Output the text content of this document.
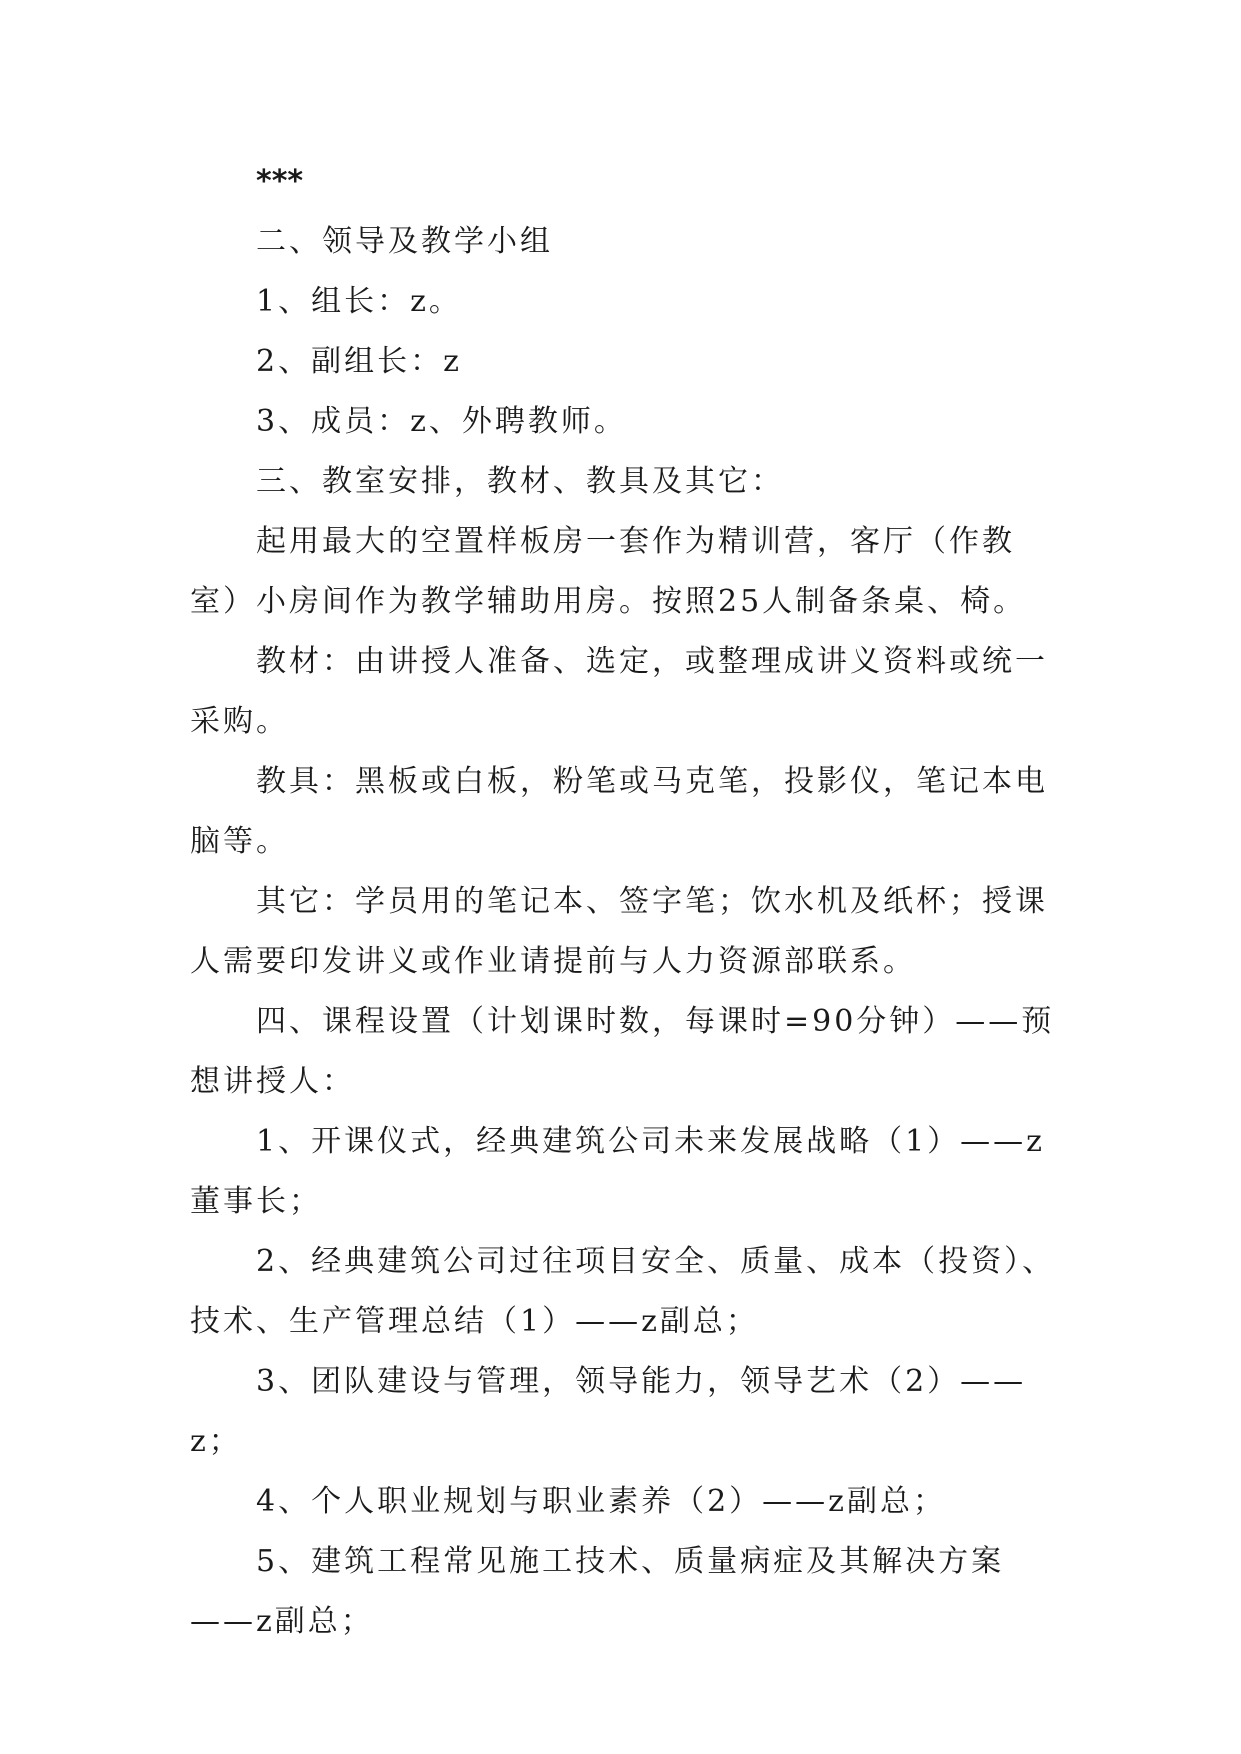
***

二、领导及教学小组

1、组长：z。

2、副组长：z

3、成员：z、外聘教师。

三、教室安排，教材、教具及其它：

起用最大的空置样板房一套作为精训营，客厅（作教室）小房间作为教学辅助用房。按照25人制备条桌、椅。

教材：由讲授人准备、选定，或整理成讲义资料或统一采购。

教具：黑板或白板，粉笔或马克笔，投影仪，笔记本电脑等。

其它：学员用的笔记本、签字笔；饮水机及纸杯；授课人需要印发讲义或作业请提前与人力资源部联系。

四、课程设置（计划课时数，每课时=90分钟）——预想讲授人：

1、开课仪式，经典建筑公司未来发展战略（1）——z董事长；

2、经典建筑公司过往项目安全、质量、成本（投资）、技术、生产管理总结（1）——z副总；

3、团队建设与管理，领导能力，领导艺术（2）——z；

4、个人职业规划与职业素养（2）——z副总；

5、建筑工程常见施工技术、质量病症及其解决方案——z副总；
